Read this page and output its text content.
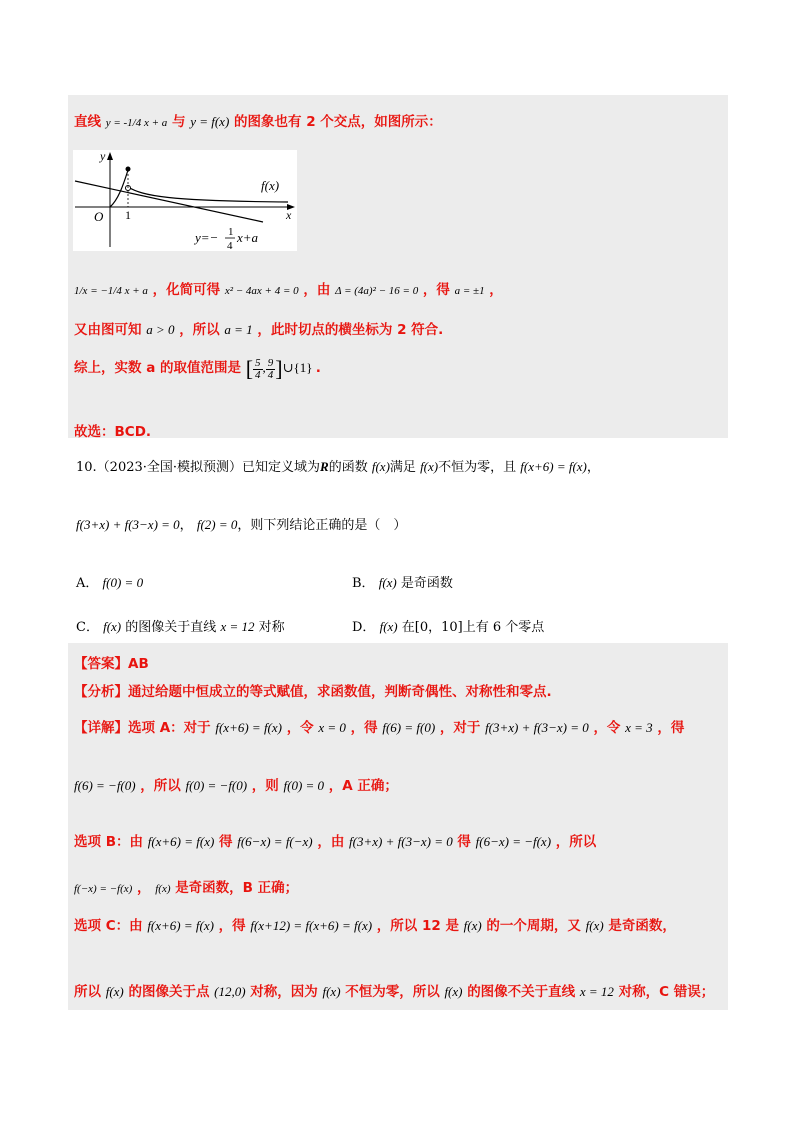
直线 y = -1/4 x + a 与 y = f(x) 的图象也有 2 个交点，如图所示：
y
x
O 1
f(x)
y=− 1
4
x+a
1/x = −1/4 x + a ，化简可得 x² − 4ax + 4 = 0 ，由 Δ = (4a)² − 16 = 0 ，得 a = ±1 ，
又由图可知 a > 0 ，所以 a = 1 ，此时切点的横坐标为 2 符合.
综上，实数 a 的取值范围是 [ $\frac{5}{4}$ , $\frac{9}{4}$ ]∪{1} .
故选：BCD.
10.（2023·全国·模拟预测）已知定义域为R的函数 f(x)满足 f(x)不恒为零，且 f(x+6) = f(x)，
f(3+x) + f(3−x) = 0， f(2) = 0，则下列结论正确的是（　）
A． f(0) = 0	B． f(x) 是奇函数
C． f(x) 的图像关于直线 x = 12 对称	D． f(x) 在[0，10]上有 6 个零点
【答案】AB
【分析】通过给题中恒成立的等式赋值，求函数值，判断奇偶性、对称性和零点.
【详解】选项 A：对于 f(x+6) = f(x) ，令 x = 0 ，得 f(6) = f(0) ，对于 f(3+x) + f(3−x) = 0 ，令 x = 3 ，得
f(6) = −f(0) ，所以 f(0) = −f(0) ，则 f(0) = 0 ，A 正确；
选项 B：由 f(x+6) = f(x) 得 f(6−x) = f(−x) ，由 f(3+x) + f(3−x) = 0 得 f(6−x) = −f(x) ，所以
f(−x) = −f(x) ， f(x) 是奇函数，B 正确；
选项 C：由 f(x+6) = f(x) ，得 f(x+12) = f(x+6) = f(x) ，所以 12 是 f(x) 的一个周期，又 f(x) 是奇函数，
所以 f(x) 的图像关于点 (12,0) 对称，因为 f(x) 不恒为零，所以 f(x) 的图像不关于直线 x = 12 对称，C 错误；
